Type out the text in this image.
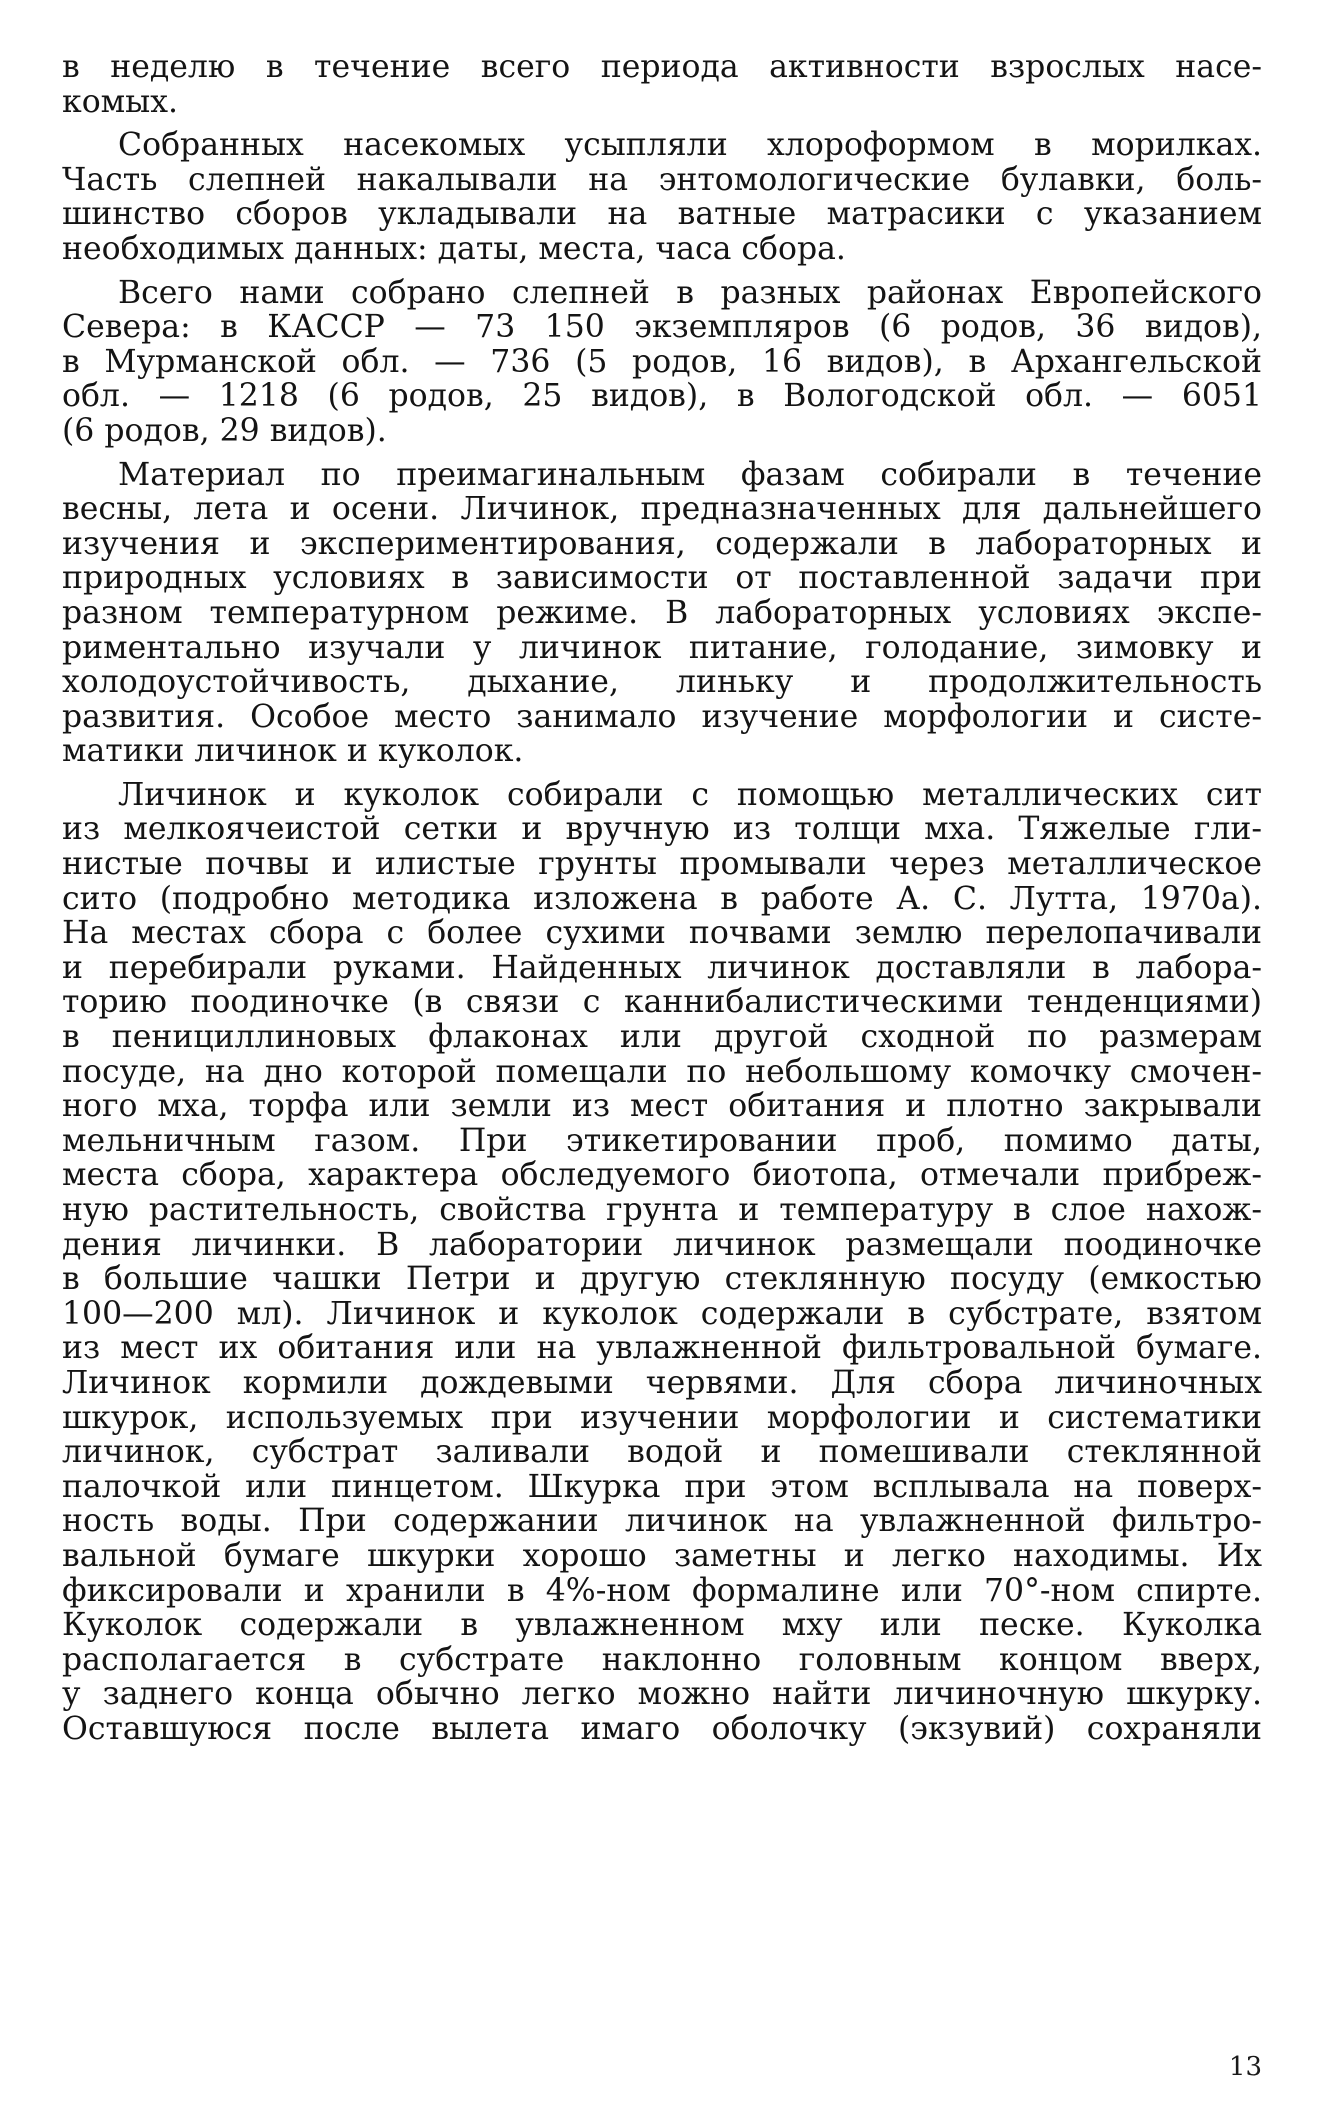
в неделю в течение всего периода активности взрослых насе-
комых.
Собранных насекомых усыпляли хлороформом в морилках.
Часть слепней накалывали на энтомологические булавки, боль-
шинство сборов укладывали на ватные матрасики с указанием
необходимых данных: даты, места, часа сбора.
Всего нами собрано слепней в разных районах Европейского
Севера: в КАССР — 73 150 экземпляров (6 родов, 36 видов),
в Мурманской обл. — 736 (5 родов, 16 видов), в Архангельской
обл. — 1218 (6 родов, 25 видов), в Вологодской обл. — 6051
(6 родов, 29 видов).
Материал по преимагинальным фазам собирали в течение
весны, лета и осени. Личинок, предназначенных для дальнейшего
изучения и экспериментирования, содержали в лабораторных и
природных условиях в зависимости от поставленной задачи при
разном температурном режиме. В лабораторных условиях экспе-
риментально изучали у личинок питание, голодание, зимовку и
холодоустойчивость, дыхание, линьку и продолжительность
развития. Особое место занимало изучение морфологии и систе-
матики личинок и куколок.
Личинок и куколок собирали с помощью металлических сит
из мелкоячеистой сетки и вручную из толщи мха. Тяжелые гли-
нистые почвы и илистые грунты промывали через металлическое
сито (подробно методика изложена в работе А. С. Лутта, 1970а).
На местах сбора с более сухими почвами землю перелопачивали
и перебирали руками. Найденных личинок доставляли в лабора-
торию поодиночке (в связи с каннибалистическими тенденциями)
в пенициллиновых флаконах или другой сходной по размерам
посуде, на дно которой помещали по небольшому комочку смочен-
ного мха, торфа или земли из мест обитания и плотно закрывали
мельничным газом. При этикетировании проб, помимо даты,
места сбора, характера обследуемого биотопа, отмечали прибреж-
ную растительность, свойства грунта и температуру в слое нахож-
дения личинки. В лаборатории личинок размещали поодиночке
в большие чашки Петри и другую стеклянную посуду (емкостью
100—200 мл). Личинок и куколок содержали в субстрате, взятом
из мест их обитания или на увлажненной фильтровальной бумаге.
Личинок кормили дождевыми червями. Для сбора личиночных
шкурок, используемых при изучении морфологии и систематики
личинок, субстрат заливали водой и помешивали стеклянной
палочкой или пинцетом. Шкурка при этом всплывала на поверх-
ность воды. При содержании личинок на увлажненной фильтро-
вальной бумаге шкурки хорошо заметны и легко находимы. Их
фиксировали и хранили в 4%-ном формалине или 70°-ном спирте.
Куколок содержали в увлажненном мху или песке. Куколка
располагается в субстрате наклонно головным концом вверх,
у заднего конца обычно легко можно найти личиночную шкурку.
Оставшуюся после вылета имаго оболочку (экзувий) сохраняли
13
